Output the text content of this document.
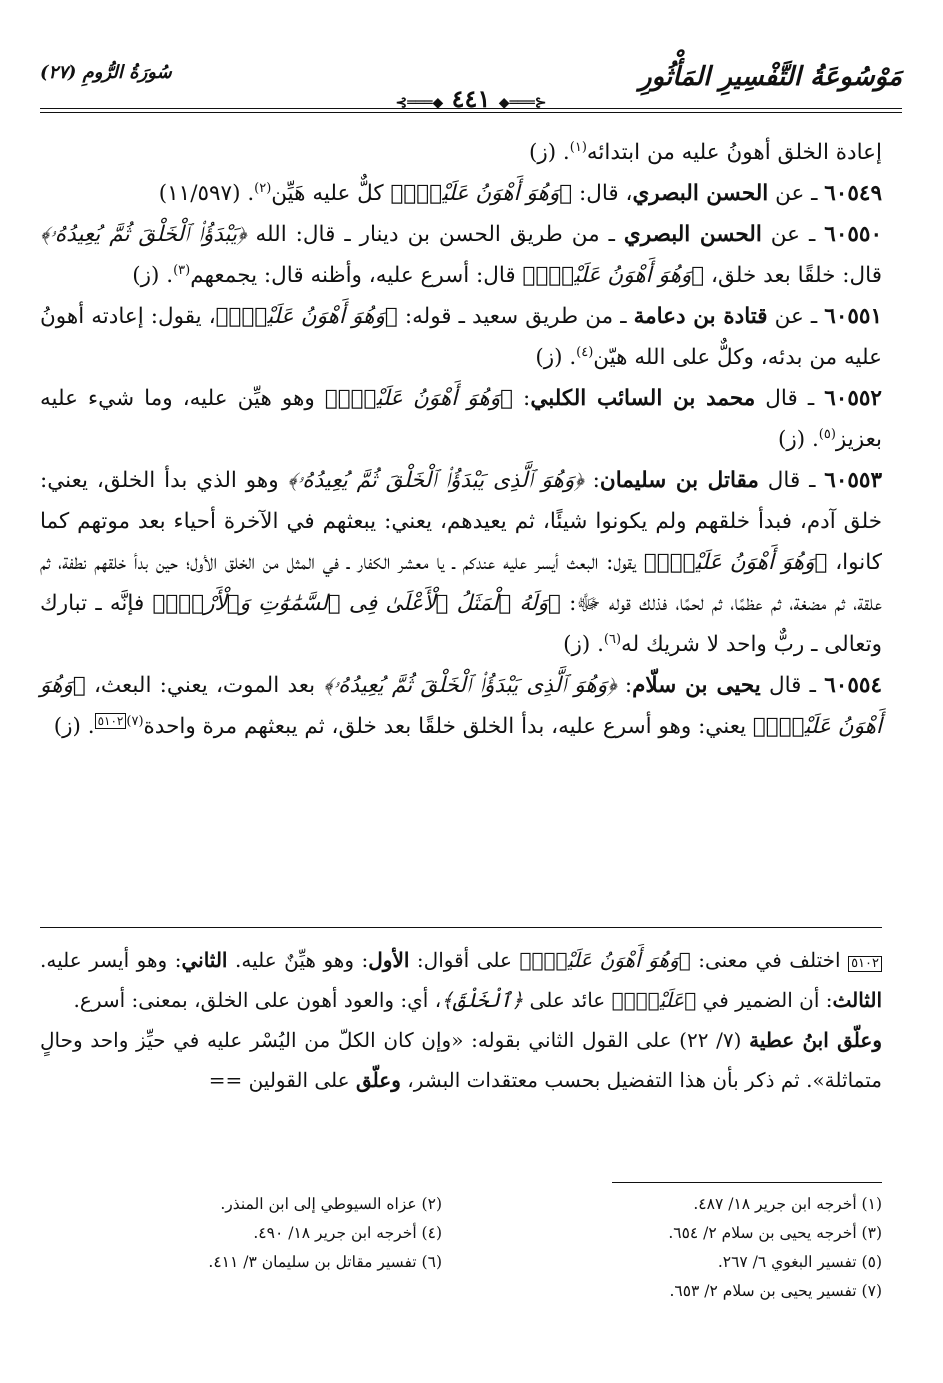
مَوْسُوعَةُ التَّفْسِيرِ المَأْثُورِ
⊰═══◆ ٤٤١ ◆═══⊱
سُورَةُ الرُّومِ (٢٧)

إعادة الخلق أهونُ عليه من ابتدائه$^{(١)}$. (ز)

٦٠٥٤٩ ـ عن الحسن البصري، قال: ﴿وَهُوَ أَهْوَنُ عَلَيْهِۚ﴾ كلٌّ عليه هَيِّن$^{(٢)}$. (١١/٥٩٧)

٦٠٥٥٠ ـ عن الحسن البصري ـ من طريق الحسن بن دينار ـ قال: الله ﴿يَبْدَؤُا۟ ٱلْخَلْقَ ثُمَّ يُعِيدُهُۥ﴾ قال: خلقًا بعد خلق، ﴿وَهُوَ أَهْوَنُ عَلَيْهِۚ﴾ قال: أسرع عليه، وأظنه قال: يجمعهم$^{(٣)}$. (ز)

٦٠٥٥١ ـ عن قتادة بن دعامة ـ من طريق سعيد ـ قوله: ﴿وَهُوَ أَهْوَنُ عَلَيْهِۚ﴾، يقول: إعادته أهونُ عليه من بدئه، وكلٌّ على الله هيّن$^{(٤)}$. (ز)

٦٠٥٥٢ ـ قال محمد بن السائب الكلبي: ﴿وَهُوَ أَهْوَنُ عَلَيْهِۚ﴾ وهو هيِّن عليه، وما شيء عليه بعزيز$^{(٥)}$. (ز)

٦٠٥٥٣ ـ قال مقاتل بن سليمان: ﴿وَهُوَ ٱلَّذِى يَبْدَؤُا۟ ٱلْخَلْقَ ثُمَّ يُعِيدُهُۥ﴾ وهو الذي بدأ الخلق، يعني: خلق آدم، فبدأ خلقهم ولم يكونوا شيئًا، ثم يعيدهم، يعني: يبعثهم في الآخرة أحياء بعد موتهم كما كانوا، ﴿وَهُوَ أَهْوَنُ عَلَيْهِۚ﴾ يقول: البعث أيسر عليه عندكم ـ يا معشر الكفار ـ في المثل من الخلق الأول؛ حين بدأ خلقهم نطفة، ثم علقة، ثم مضغة، ثم عظمًا، ثم لحمًا، فذلك قوله ﷻ: ﴿وَلَهُ ٱلْمَثَلُ ٱلْأَعْلَىٰ فِى ٱلسَّمَٰوَٰتِ وَٱلْأَرْضِۚ﴾ فإنَّه ـ تبارك وتعالى ـ ربٌّ واحد لا شريك له$^{(٦)}$. (ز)

٦٠٥٥٤ ـ قال يحيى بن سلّام: ﴿وَهُوَ ٱلَّذِى يَبْدَؤُا۟ ٱلْخَلْقَ ثُمَّ يُعِيدُهُۥ﴾ بعد الموت، يعني: البعث، ﴿وَهُوَ أَهْوَنُ عَلَيْهِۚ﴾ يعني: وهو أسرع عليه، بدأ الخلق خلقًا بعد خلق، ثم يبعثهم مرة واحدة$^{(٧)}$٥١٠٢. (ز)

٥١٠٢ اختلف في معنى: ﴿وَهُوَ أَهْوَنُ عَلَيْهِۚ﴾ على أقوال: الأول: وهو هيِّنٌ عليه. الثاني: وهو أيسر عليه. الثالث: أن الضمير في ﴿عَلَيْهِۚ﴾ عائد على ﴿ٱلْخَلْقَ﴾، أي: والعود أهون على الخلق، بمعنى: أسرع.

وعلّق ابنُ عطية (٧/ ٢٢) على القول الثاني بقوله: «وإن كان الكلّ من اليُسْر عليه في حيِّز واحد وحالٍ متماثلة». ثم ذكر بأن هذا التفضيل بحسب معتقدات البشر، وعلّق على القولين ==

(١) أخرجه ابن جرير ١٨/ ٤٨٧.
(٣) أخرجه يحيى بن سلام ٢/ ٦٥٤.
(٥) تفسير البغوي ٦/ ٢٦٧.
(٧) تفسير يحيى بن سلام ٢/ ٦٥٣.
(٢) عزاه السيوطي إلى ابن المنذر.
(٤) أخرجه ابن جرير ١٨/ ٤٩٠.
(٦) تفسير مقاتل بن سليمان ٣/ ٤١١.
